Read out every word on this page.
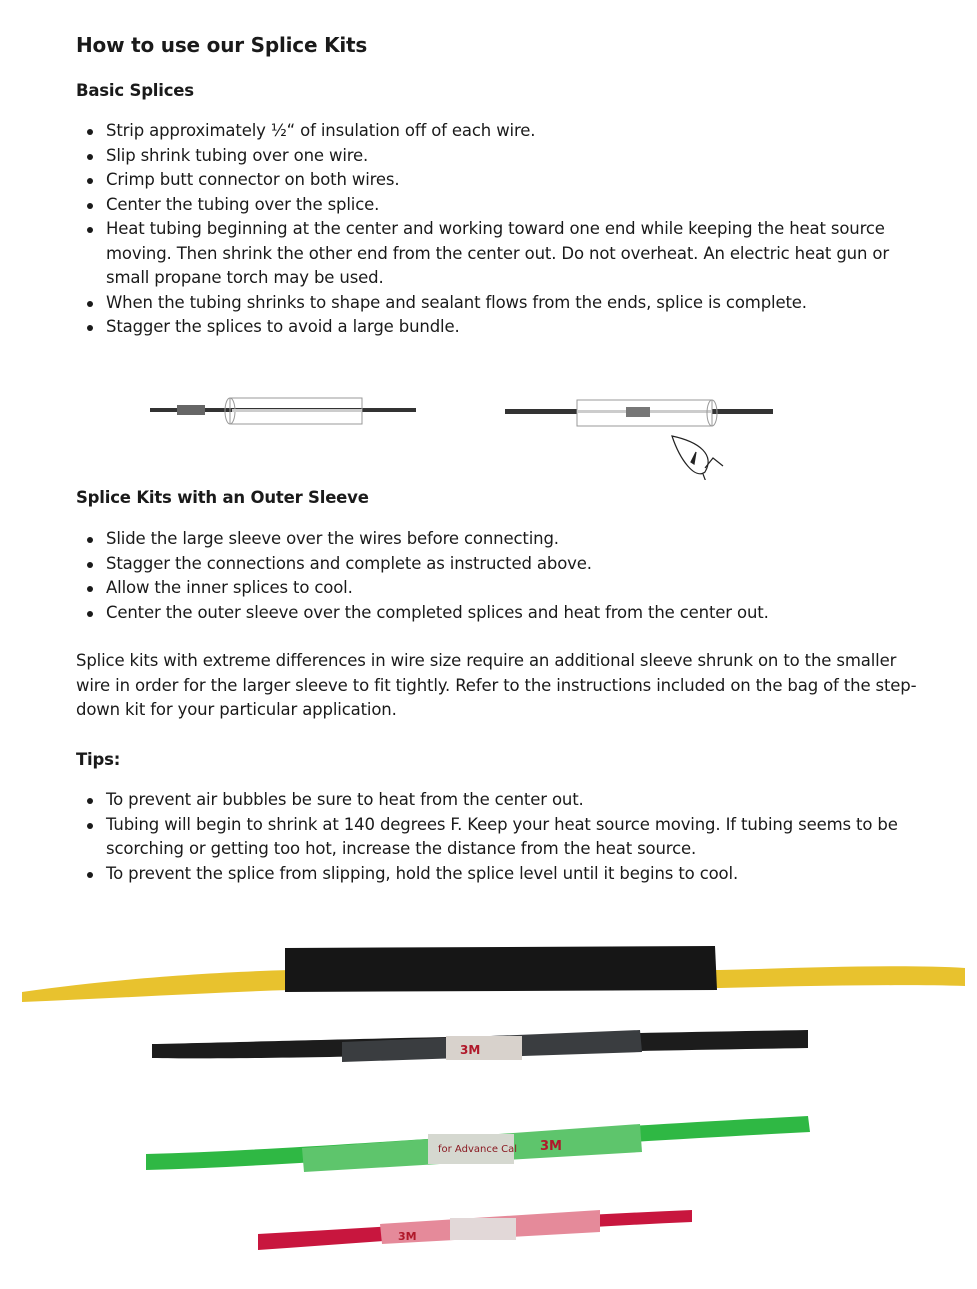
How to use our Splice Kits
Basic Splices
Strip approximately ½“ of insulation off of each wire.
Slip shrink tubing over one wire.
Crimp butt connector on both wires.
Center the tubing over the splice.
Heat tubing beginning at the center and working toward one end while keeping the heat source moving. Then shrink the other end from the center out. Do not overheat. An electric heat gun or small propane torch may be used.
When the tubing shrinks to shape and sealant flows from the ends, splice is complete.
Stagger the splices to avoid a large bundle.
Splice Kits with an Outer Sleeve
Slide the large sleeve over the wires before connecting.
Stagger the connections and complete as instructed above.
Allow the inner splices to cool.
Center the outer sleeve over the completed splices and heat from the center out.

Splice kits with extreme differences in wire size require an additional sleeve shrunk on to the smaller wire in order for the larger sleeve to fit tightly. Refer to the instructions included on the bag of the step-down kit for your particular application.

Tips:
To prevent air bubbles be sure to heat from the center out.
Tubing will begin to shrink at 140 degrees F. Keep your heat source moving. If tubing seems to be scorching or getting too hot, increase the distance from the heat source.
To prevent the splice from slipping, hold the splice level until it begins to cool.
3M
for Advance Cal 3M
3M
